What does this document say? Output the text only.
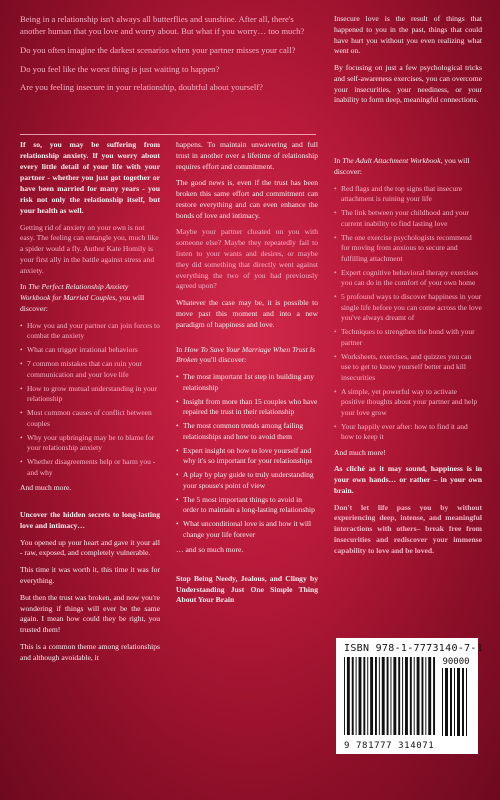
Being in a relationship isn't always all butterflies and sunshine. After all, there's another human that you love and worry about. But what if you worry… too much?

Do you often imagine the darkest scenarios when your partner misses your call?

Do you feel like the worst thing is just waiting to happen?

Are you feeling insecure in your relationship, doubtful about yourself?

Insecure love is the result of things that happened to you in the past, things that could have hurt you without you even realizing what went on.

By focusing on just a few psychological tricks and self-awareness exercises, you can overcome your insecurities, your neediness, or your inability to form deep, meaningful connections.

If so, you may be suffering from relationship anxiety. If you worry about every little detail of your life with your partner - whether you just got together or have been married for many years - you risk not only the relationship itself, but your health as well.

Getting rid of anxiety on your own is not easy. The feeling can entangle you, much like a spider would a fly. Author Kate Homily is your first ally in the battle against stress and anxiety.

In The Perfect Relationship Anxiety Workbook for Married Couples, you will discover:

• How you and your partner can join forces to combat the anxiety
• What can trigger irrational behaviors
• 7 common mistakes that can ruin your communication and your love life
• How to grow mutual understanding in your relationship
• Most common causes of conflict between couples
• Why your upbringing may be to blame for your relationship anxiety
• Whether disagreements help or harm you - and why

And much more.

Uncover the hidden secrets to long-lasting love and intimacy…

You opened up your heart and gave it your all - raw, exposed, and completely vulnerable.

This time it was worth it, this time it was for everything.

But then the trust was broken, and now you're wondering if things will ever be the same again. I mean how could they be right, you trusted them!

This is a common theme among relationships and although avoidable, it

happens. To maintain unwavering and full trust in another over a lifetime of relationship requires effort and commitment.

The good news is, even if the trust has been broken this same effort and commitment can restore everything and can even enhance the bonds of love and intimacy.

Maybe your partner cheated on you with someone else? Maybe they repeatedly fail to listen to your wants and desires, or maybe they did something that directly went against everything the two of you had previously agreed upon?

Whatever the case may be, it is possible to move past this moment and into a new paradigm of happiness and love.

In How To Save Your Marriage When Trust Is Broken you'll discover:

• The most important 1st step in building any relationship
• Insight from more than 15 couples who have repaired the trust in their relationship
• The most common trends among failing relationships and how to avoid them
• Expert insight on how to love yourself and why it's so important for your relationships
• A play by play guide to truly understanding your spouse's point of view
• The 5 most important things to avoid in order to maintain a long-lasting relationship
• What unconditional love is and how it will change your life forever

… and so much more.

Stop Being Needy, Jealous, and Clingy by Understanding Just One Simple Thing About Your Brain

In The Adult Attachment Workbook, you will discover:

• Red flags and the top signs that insecure attachment is ruining your life
• The link between your childhood and your current inability to find lasting love
• The one exercise psychologists recommend for moving from anxious to secure and fulfilling attachment
• Expert cognitive behavioral therapy exercises you can do in the comfort of your own home
• 5 profound ways to discover happiness in your single life before you can come across the love you've always dreamt of
• Techniques to strengthen the bond with your partner
• Worksheets, exercises, and quizzes you can use to get to know yourself better and kill insecurities
• A simple, yet powerful way to activate positive thoughts about your partner and help your love grow
• Your happily ever after: how to find it and how to keep it

And much more!

As cliché as it may sound, happiness is in your own hands… or rather – in your own brain.

Don't let life pass you by without experiencing deep, intense, and meaningful interactions with others– break free from insecurities and rediscover your immense capability to love and be loved.

ISBN 978-1-7773140-7-1
90000
9 781777 314071
